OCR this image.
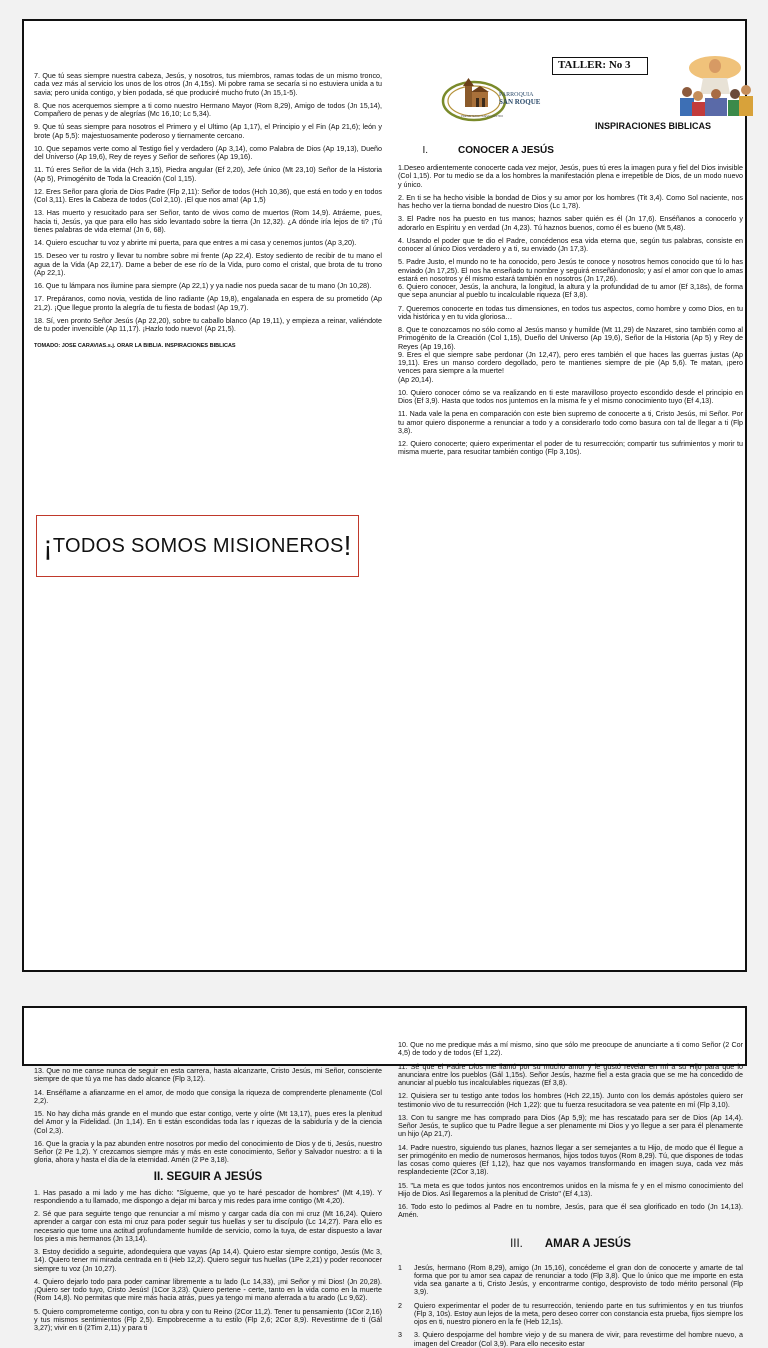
7. Que tú seas siempre nuestra cabeza, Jesús, y nosotros, tus miembros, ramas todas de un mismo tronco, cada vez más al servicio los unos de los otros (Jn 4,15s). Mi pobre rama se secaría si no estuviera unida a tu savia; pero unida contigo, y bien podada, sé que produciré mucho fruto (Jn 15,1-5).

8. Que nos acerquemos siempre a ti como nuestro Hermano Mayor (Rom 8,29), Amigo de todos (Jn 15,14), Compañero de penas y de alegrías (Mc 16,10; Lc 5,34).

9. Que tú seas siempre para nosotros el Primero y el Ultimo (Ap 1,17), el Principio y el Fin (Ap 21,6); león y brote (Ap 5,5): majestuosamente poderoso y tiernamente cercano.

10. Que sepamos verte como al Testigo fiel y verdadero (Ap 3,14), como Palabra de Dios (Ap 19,13), Dueño del Universo (Ap 19,6), Rey de reyes y Señor de señores (Ap 19,16).

11. Tú eres Señor de la vida (Hch 3,15), Piedra angular (Ef 2,20), Jefe único (Mt 23,10) Señor de la Historia (Ap 5), Primogénito de Toda la Creación (Col 1,15).

12. Eres Señor para gloria de Dios Padre (Flp 2,11): Señor de todos (Hch 10,36), que está en todo y en todos (Col 3,11). Eres la Cabeza de todos (Col 2,10). ¡El que nos ama! (Ap 1,5)

13. Has muerto y resucitado para ser Señor, tanto de vivos como de muertos (Rom 14,9). Atráeme, pues, hacia ti, Jesús, ya que para ello has sido levantado sobre la tierra (Jn 12,32). ¿A dónde iría lejos de ti? ¡Tú tienes palabras de vida eterna! (Jn 6, 68).

14. Quiero escuchar tu voz y abrirte mi puerta, para que entres a mi casa y cenemos juntos (Ap 3,20).

15. Deseo ver tu rostro y llevar tu nombre sobre mi frente (Ap 22,4). Estoy sediento de recibir de tu mano el agua de la Vida (Ap 22,17). Dame a beber de ese río de la Vida, puro como el cristal, que brota de tu trono (Ap 22,1).

16. Que tu lámpara nos ilumine para siempre (Ap 22,1) y ya nadie nos pueda sacar de tu mano (Jn 10,28).

17. Prepáranos, como novia, vestida de lino radiante (Ap 19,8), engalanada en espera de su prometido (Ap 21,2). ¡Que llegue pronto la alegría de tu fiesta de bodas! (Ap 19,7).

18. Sí, ven pronto Señor Jesús (Ap 22,20), sobre tu caballo blanco (Ap 19,11), y empieza a reinar, valiéndote de tu poder invencible (Ap 11,17). ¡Hazlo todo nuevo! (Ap 21,5).

TOMADO: JOSE CARAVIAS.s.j. ORAR LA BIBLIA. INSPIRACIONES BIBLICAS

¡ TODOS SOMOS MISIONEROS !
PARROQUIA
SAN ROQUE
PRESBITERIO NUEVO CENTRO
TALLER: No 3
INSPIRACIONES BIBLICAS
I.	CONOCER A JESÚS

1.Deseo ardientemente conocerte cada vez mejor, Jesús, pues tú eres la imagen pura y fiel del Dios invisible (Col 1,15). Por tu medio se da a los hombres la manifestación plena e irrepetible de Dios, de un modo nuevo y único.

2. En ti se ha hecho visible la bondad de Dios y su amor por los hombres (Tit 3,4). Como Sol naciente, nos has hecho ver la tierna bondad de nuestro Dios (Lc 1,78).

3. El Padre nos ha puesto en tus manos; haznos saber quién es él (Jn 17,6). Enséñanos a conocerlo y adorarlo en Espíritu y en verdad (Jn 4,23). Tú haznos buenos, como él es bueno (Mt 5,48).

4. Usando el poder que te dio el Padre, concédenos esa vida eterna que, según tus palabras, consiste en conocer al único Dios verdadero y a ti, su enviado (Jn 17,3).

5. Padre Justo, el mundo no te ha conocido, pero Jesús te conoce y nosotros hemos conocido que tú lo has enviado (Jn 17,25). El nos ha enseñado tu nombre y seguirá enseñándonoslo; y así el amor con que lo amas estará en nosotros y él mismo estará también en nosotros (Jn 17,26).
6. Quiero conocer, Jesús, la anchura, la longitud, la altura y la profundidad de tu amor (Ef 3,18s), de forma que sepa anunciar al pueblo tu incalculable riqueza (Ef 3,8).

7. Queremos conocerte en todas tus dimensiones, en todos tus aspectos, como hombre y como Dios, en tu vida histórica y en tu vida gloriosa…

8. Que te conozcamos no sólo como al Jesús manso y humilde (Mt 11,29) de Nazaret, sino también como al Primogénito de la Creación (Col 1,15), Dueño del Universo (Ap 19,6), Señor de la Historia (Ap 5) y Rey de Reyes (Ap 19,16).
9. Eres el que siempre sabe perdonar (Jn 12,47), pero eres también el que haces las guerras justas (Ap 19,11). Eres un manso cordero degollado, pero te mantienes siempre de pie (Ap 5,6). Te matan, ¡pero vences para siempre a la muerte!
(Ap 20,14).

10. Quiero conocer cómo se va realizando en ti este maravilloso proyecto escondido desde el principio en Dios (Ef 3,9). Hasta que todos nos juntemos en la misma fe y el mismo conocimiento tuyo (Ef 4,13).

11. Nada vale la pena en comparación con este bien supremo de conocerte a ti, Cristo Jesús, mi Señor. Por tu amor quiero disponerme a renunciar a todo y a considerarlo todo como basura con tal de llegar a ti (Flp 3,8).

12. Quiero conocerte; quiero experimentar el poder de tu resurrección; compartir tus sufrimientos y morir tu misma muerte, para resucitar también contigo (Flp 3,10s).

13. Que no me canse nunca de seguir en esta carrera, hasta alcanzarte, Cristo Jesús, mi Señor, consciente siempre de que tú ya me has dado alcance (Flp 3,12).

14. Enséñame a afianzarme en el amor, de modo que consiga la riqueza de comprenderte plenamente (Col 2,2).

15. No hay dicha más grande en el mundo que estar contigo, verte y oírte (Mt 13,17), pues eres la plenitud del Amor y la Fidelidad. (Jn 1,14). En ti están escondidas toda las r iquezas de la sabiduría y de la ciencia (Col 2,3).

16. Que la gracia y la paz abunden entre nosotros por medio del conocimiento de Dios y de ti, Jesús, nuestro Señor (2 Pe 1,2). Y crezcamos siempre más y más en este conocimiento, Señor y Salvador nuestro: a ti la gloria, ahora y hasta el día de la eternidad. Amén (2 Pe 3,18).

II. SEGUIR A JESÚS

1. Has pasado a mi lado y me has dicho: "Sígueme, que yo te haré pescador de hombres" (Mt 4,19). Y respondiendo a tu llamado, me dispongo a dejar mi barca y mis redes para irme contigo (Mt 4,20).

2. Sé que para seguirte tengo que renunciar a mí mismo y cargar cada día con mi cruz (Mt 16,24). Quiero aprender a cargar con esta mi cruz para poder seguir tus huellas y ser tu discípulo (Lc 14,27). Para ello es necesario que tome una actitud profundamente humilde de servicio, como la tuya, de estar dispuesto a lavar los pies a mis hermanos (Jn 13,14).

3. Estoy decidido a seguirte, adondequiera que vayas (Ap 14,4). Quiero estar siempre contigo, Jesús (Mc 3, 14). Quiero tener mi mirada centrada en ti (Heb 12,2). Quiero seguir tus huellas (1Pe 2,21) y poder reconocer siempre tu voz (Jn 10,27).

4. Quiero dejarlo todo para poder caminar libremente a tu lado (Lc 14,33), ¡mi Señor y mi Dios! (Jn 20,28). ¡Quiero ser todo tuyo, Cristo Jesús! (1Cor 3,23). Quiero pertene - certe, tanto en la vida como en la muerte (Rom 14,8). No permitas que mire más hacia atrás, pues ya tengo mi mano aferrada a tu arado (Lc 9,62).

5. Quiero comprometerme contigo, con tu obra y con tu Reino (2Cor 11,2). Tener tu pensamiento (1Cor 2,16) y tus mismos sentimientos (Flp 2,5). Empobrecerme a tu estilo (Flp 2,6; 2Cor 8,9). Revestirme de ti (Gál 3,27); vivir en ti (2Tim 2,11) y para ti

10. Que no me predique más a mí mismo, sino que sólo me preocupe de anunciarte a ti como Señor (2 Cor 4,5) de todo y de todos (Ef 1,22).

11. Sé que el Padre Dios me llamó por su mucho amor y le gustó revelar en mí a su Hijo para que lo anunciara entre los pueblos (Gál 1,15s). Señor Jesús, hazme fiel a esta gracia que se me ha concedido de anunciar al pueblo tus incalculables riquezas (Ef 3,8).

12. Quisiera ser tu testigo ante todos los hombres (Hch 22,15). Junto con los demás apóstoles quiero ser testimonio vivo de tu resurrección (Hch 1,22): que tu fuerza resucitadora se vea patente en mí (Flp 3,10).

13. Con tu sangre me has comprado para Dios (Ap 5,9); me has rescatado para ser de Dios (Ap 14,4). Señor Jesús, te suplico que tu Padre llegue a ser plenamente mi Dios y yo llegue a ser para él plenamente un hijo (Ap 21,7).

14. Padre nuestro, siguiendo tus planes, haznos llegar a ser semejantes a tu Hijo, de modo que él llegue a ser primogénito en medio de numerosos hermanos, hijos todos tuyos (Rom 8,29). Tú, que dispones de todas las cosas como quieres (Ef 1,12), haz que nos vayamos transformando en imagen suya, cada vez más resplandeciente (2Cor 3,18).

15. "La meta es que todos juntos nos encontremos unidos en la misma fe y en el mismo conocimiento del Hijo de Dios. Así llegaremos a la plenitud de Cristo" (Ef 4,13).

16. Todo esto lo pedimos al Padre en tu nombre, Jesús, para que él sea glorificado en todo (Jn 14,13). Amén.

III. AMAR A JESÚS
1	Jesús, hermano (Rom 8,29), amigo (Jn 15,16), concédeme el gran don de conocerte y amarte de tal forma que por tu amor sea capaz de renunciar a todo (Flp 3,8). Que lo único que me importe en esta vida sea ganarte a ti, Cristo Jesús, y encontrarme contigo, desprovisto de todo mérito personal (Flp 3,9).
2	Quiero experimentar el poder de tu resurrección, teniendo parte en tus sufrimientos y en tus triunfos (Flp 3, 10s). Estoy aun lejos de la meta, pero deseo correr con constancia esta prueba, fijos siempre los ojos en ti, nuestro pionero en la fe (Heb 12,1s).
3	3. Quiero despojarme del hombre viejo y de su manera de vivir, para revestirme del hombre nuevo, a imagen del Creador (Col 3,9). Para ello necesito estar
